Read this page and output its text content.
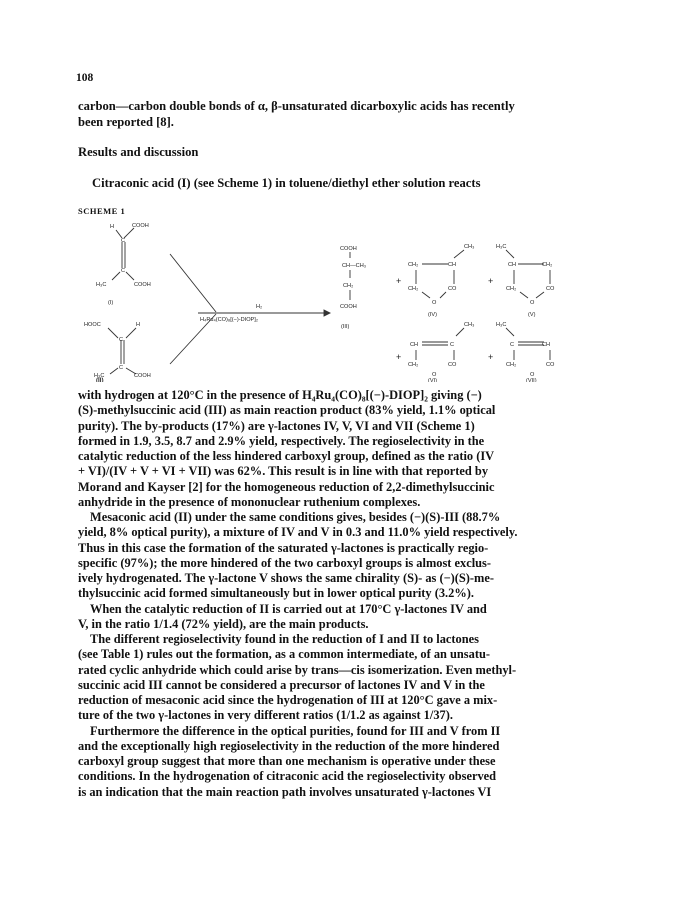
108
carbon—carbon double bonds of α, β-unsaturated dicarboxylic acids has recently
been reported [8].
Results and discussion
Citraconic acid (I) (see Scheme 1) in toluene/diethyl ether solution reacts
SCHEME 1
H	COOH
C
C
H₃C	COOH
(I)
HOOC	H
C
C
H₃C	COOH
(II)
COOH
CH—CH₃
CH₂
COOH
(III)
CH₃
CH₂	CH
CH₂	CO
O
(IV)
H₃C
CH	CH₂
CH₂	CO
O
(V)
CH₃
CH	C
CH₂	CO
O
(VI)
H₃C
C	CH
CH₂	CO
O
(VII)
H₂
H₄Ru₄(CO)₈[(−)-DIOP]₂
+	+
+	+

with hydrogen at 120°C in the presence of H₄Ru₄(CO)₈[(−)-DIOP]₂ giving (−)

(S)-methylsuccinic acid (III) as main reaction product (83% yield, 1.1% optical

purity). The by-products (17%) are γ-lactones IV, V, VI and VII (Scheme 1)

formed in 1.9, 3.5, 8.7 and 2.9% yield, respectively. The regioselectivity in the

catalytic reduction of the less hindered carboxyl group, defined as the ratio (IV

+ VI)/(IV + V + VI + VII) was 62%. This result is in line with that reported by

Morand and Kayser [2] for the homogeneous reduction of 2,2-dimethylsuccinic

anhydride in the presence of mononuclear ruthenium complexes.

Mesaconic acid (II) under the same conditions gives, besides (−)(S)-III (88.7%

yield, 8% optical purity), a mixture of IV and V in 0.3 and 11.0% yield respectively.

Thus in this case the formation of the saturated γ-lactones is practically regio-

specific (97%); the more hindered of the two carboxyl groups is almost exclus-

ively hydrogenated. The γ-lactone V shows the same chirality (S)- as (−)(S)-me-

thylsuccinic acid formed simultaneously but in lower optical purity (3.2%).

When the catalytic reduction of II is carried out at 170°C γ-lactones IV and

V, in the ratio 1/1.4 (72% yield), are the main products.

The different regioselectivity found in the reduction of I and II to lactones

(see Table 1) rules out the formation, as a common intermediate, of an unsatu-

rated cyclic anhydride which could arise by trans—cis isomerization. Even methyl-

succinic acid III cannot be considered a precursor of lactones IV and V in the

reduction of mesaconic acid since the hydrogenation of III at 120°C gave a mix-

ture of the two γ-lactones in very different ratios (1/1.2 as against 1/37).

Furthermore the difference in the optical purities, found for III and V from II

and the exceptionally high regioselectivity in the reduction of the more hindered

carboxyl group suggest that more than one mechanism is operative under these

conditions. In the hydrogenation of citraconic acid the regioselectivity observed

is an indication that the main reaction path involves unsaturated γ-lactones VI
